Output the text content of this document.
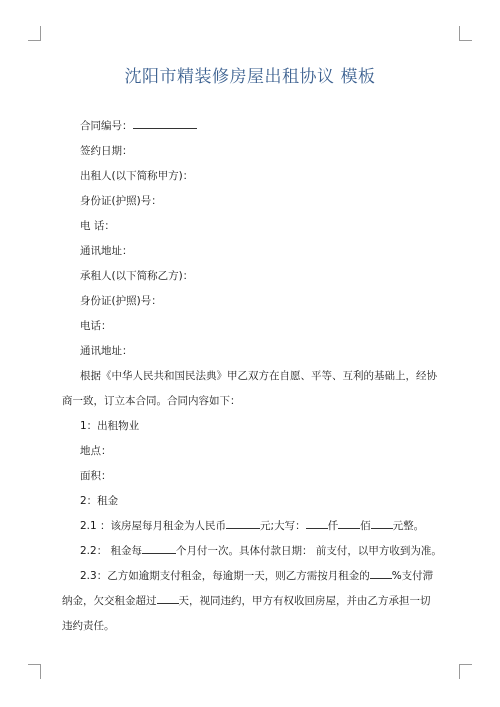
沈阳市精装修房屋出租协议 模板
合同编号：
签约日期：
出租人(以下简称甲方)：
身份证(护照)号：
电 话：
通讯地址：
承租人(以下简称乙方)：
身份证(护照)号：
电话：
通讯地址：
根据《中华人民共和国民法典》甲乙双方在自愿、平等、互利的基础上，经协商一致，订立本合同。合同内容如下：
1：出租物业
地点：
面积：
2：租金
2.1 ：该房屋每月租金为人民币	元;大写： 仟 佰 元整。
2.2： 租金每	个月付一次。具体付款日期： 前支付，以甲方收到为准。
2.3：乙方如逾期支付租金，每逾期一天，则乙方需按月租金的 %支付滞纳金，欠交租金超过 天，视同违约，甲方有权收回房屋，并由乙方承担一切违约责任。
